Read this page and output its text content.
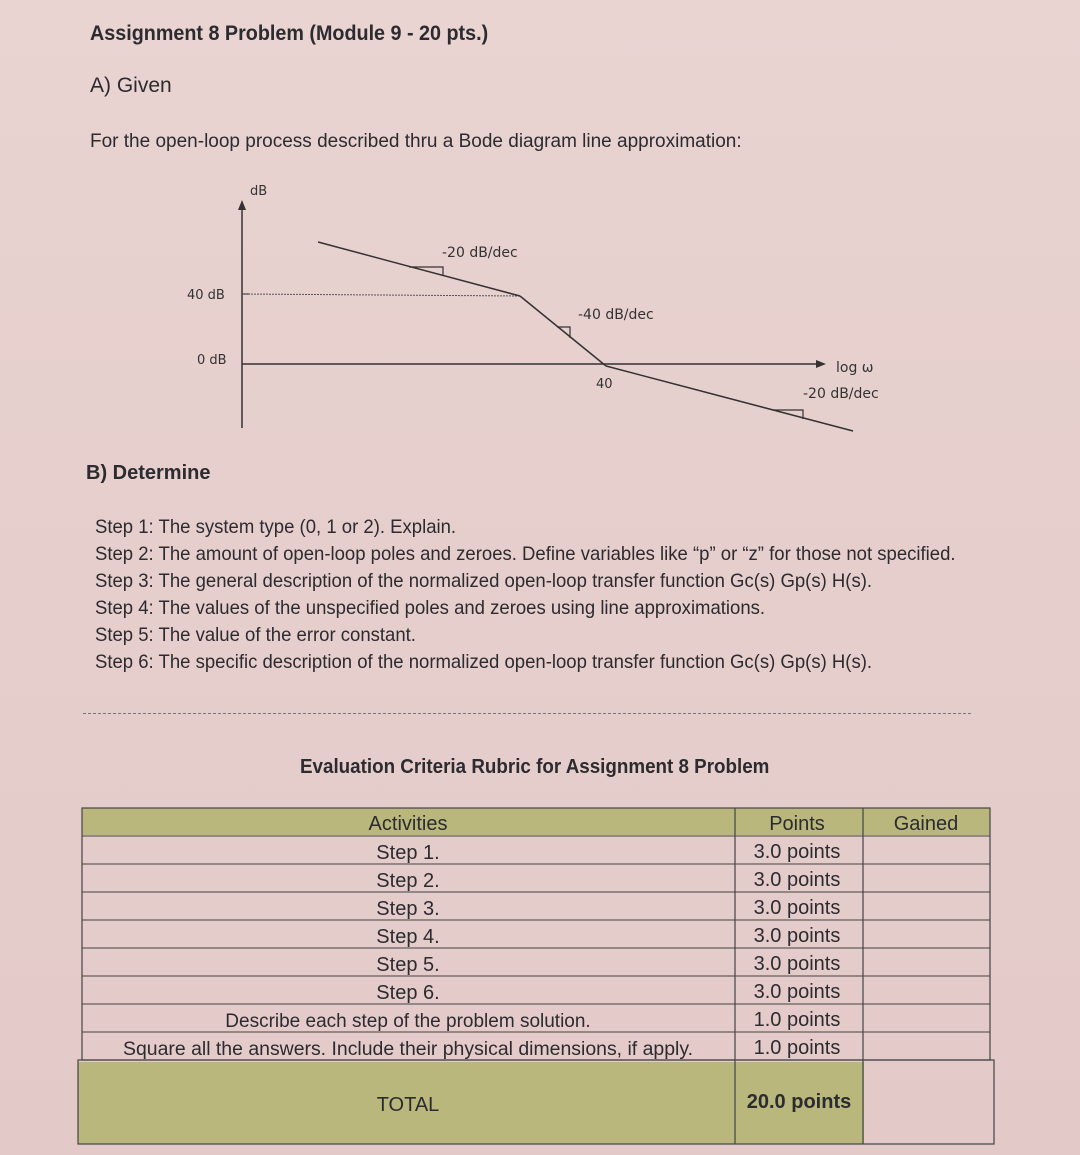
Assignment 8 Problem (Module 9 - 20 pts.)
A) Given
For the open-loop process described thru a Bode diagram line approximation:
dB
40 dB
0 dB	log ω
-20 dB/dec
-40 dB/dec
-20 dB/dec
40
B) Determine
Step 1: The system type (0, 1 or 2). Explain.
Step 2: The amount of open-loop poles and zeroes. Define variables like “p” or “z” for those not specified.
Step 3: The general description of the normalized open-loop transfer function Gc(s) Gp(s) H(s).
Step 4: The values of the unspecified poles and zeroes using line approximations.
Step 5: The value of the error constant.
Step 6: The specific description of the normalized open-loop transfer function Gc(s) Gp(s) H(s).
Evaluation Criteria Rubric for Assignment 8 Problem
Activities	Points	Gained
Step 1.	3.0 points
Step 2.	3.0 points
Step 3.	3.0 points
Step 4.	3.0 points
Step 5.	3.0 points
Step 6.	3.0 points
Describe each step of the problem solution.	1.0 points
Square all the answers. Include their physical dimensions, if apply.	1.0 points
TOTAL	20.0 points
